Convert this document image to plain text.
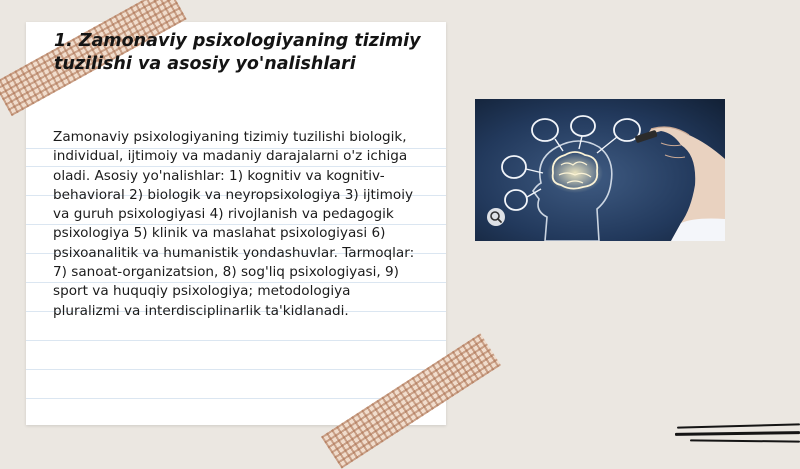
1. Zamonaviy psixologiyaning tizimiy
tuzilishi va asosiy yo'nalishlari

Zamonaviy psixologiyaning tizimiy tuzilishi biologik, individual, ijtimoiy va madaniy darajalarni o'z ichiga oladi. Asosiy yo'nalishlar: 1) kognitiv va kognitiv-behavioral 2) biologik va neyropsixologiya 3) ijtimoiy va guruh psixologiyasi 4) rivojlanish va pedagogik psixologiya 5) klinik va maslahat psixologiyasi 6) psixoanalitik va humanistik yondashuvlar. Tarmoqlar: 7) sanoat-organizatsion, 8) sog'liq psixologiyasi, 9) sport va huquqiy psixologiya; metodologiya pluralizmi va interdisciplinarlik ta'kidlanadi.
